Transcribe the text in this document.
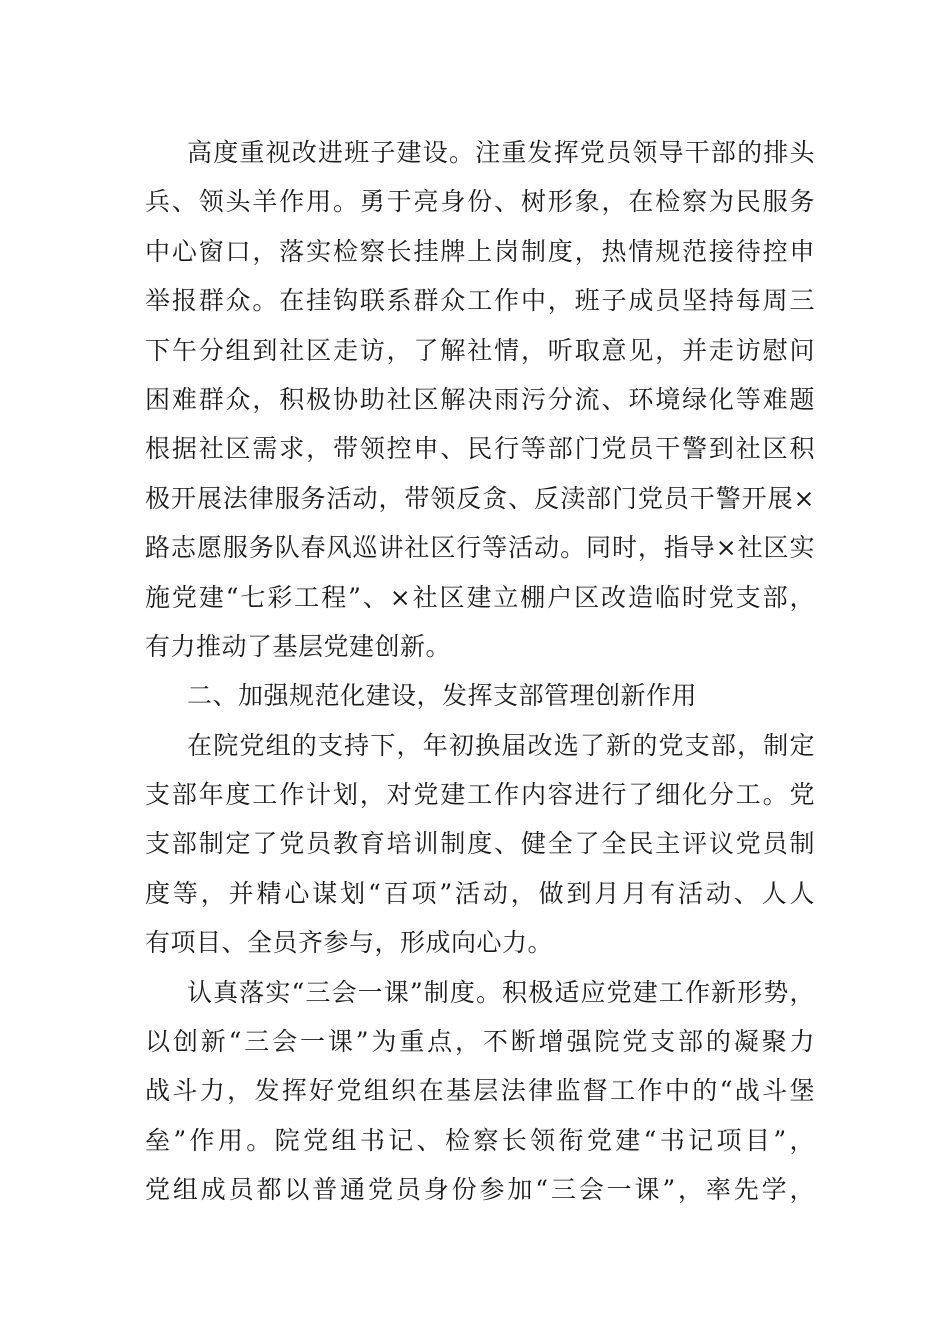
高度重视改进班子建设。注重发挥党员领导干部的排头
兵、领头羊作用。勇于亮身份、树形象，在检察为民服务
中心窗口，落实检察长挂牌上岗制度，热情规范接待控申
举报群众。在挂钩联系群众工作中，班子成员坚持每周三
下午分组到社区走访，了解社情，听取意见，并走访慰问
困难群众，积极协助社区解决雨污分流、环境绿化等难题
根据社区需求，带领控申、民行等部门党员干警到社区积
极开展法律服务活动，带领反贪、反渎部门党员干警开展×
路志愿服务队春风巡讲社区行等活动。同时，指导×社区实
施党建“七彩工程”、×社区建立棚户区改造临时党支部，
有力推动了基层党建创新。
二、加强规范化建设，发挥支部管理创新作用
在院党组的支持下，年初换届改选了新的党支部，制定
支部年度工作计划，对党建工作内容进行了细化分工。党
支部制定了党员教育培训制度、健全了全民主评议党员制
度等，并精心谋划“百项”活动，做到月月有活动、人人
有项目、全员齐参与，形成向心力。
认真落实“三会一课”制度。积极适应党建工作新形势，
以创新“三会一课”为重点，不断增强院党支部的凝聚力
战斗力，发挥好党组织在基层法律监督工作中的“战斗堡
垒”作用。院党组书记、检察长领衔党建“书记项目”，
党组成员都以普通党员身份参加“三会一课”，率先学，
